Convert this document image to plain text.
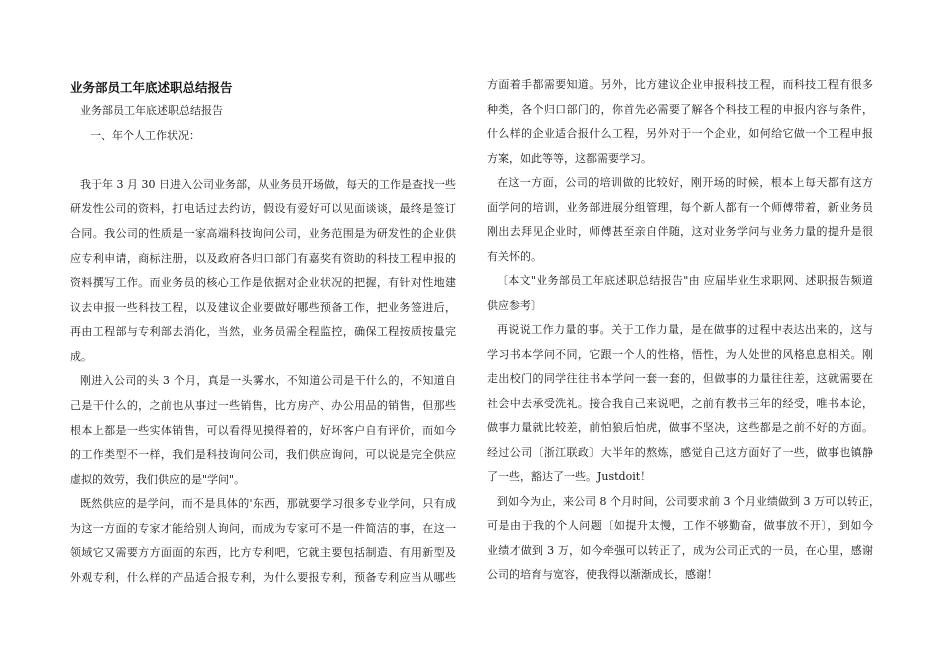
业务部员工年底述职总结报告
业务部员工年底述职总结报告
一、年个人工作状况：
我于年 3 月 30 日进入公司业务部，从业务员开场做，每天的工作是查找一些
研发性公司的资料，打电话过去约访，假设有爱好可以见面谈谈，最终是签订
合同。我公司的性质是一家高端科技询问公司，业务范围是为研发性的企业供
应专利申请，商标注册，以及政府各归口部门有嘉奖有资助的科技工程申报的
资料撰写工作。而业务员的核心工作是依据对企业状况的把握，有针对性地建
议去申报一些科技工程，以及建议企业要做好哪些预备工作，把业务签进后，
再由工程部与专利部去消化，当然，业务员需全程监控，确保工程按质按量完
成。
刚进入公司的头 3 个月，真是一头雾水，不知道公司是干什么的，不知道自
己是干什么的，之前也从事过一些销售，比方房产、办公用品的销售，但那些
根本上都是一些实体销售，可以看得见摸得着的，好坏客户自有评价，而如今
的工作类型不一样，我们是科技询问公司，我们供应询问，可以说是完全供应
虚拟的效劳，我们供应的是"学问"。
既然供应的是学问，而不是具体的'东西，那就要学习很多专业学问，只有成
为这一方面的专家才能给别人询问，而成为专家可不是一件简洁的事，在这一
领域它又需要方方面面的东西，比方专利吧，它就主要包括制造、有用新型及
外观专利，什么样的产品适合报专利，为什么要报专利，预备专利应当从哪些
方面着手都需要知道。另外，比方建议企业申报科技工程，而科技工程有很多
种类，各个归口部门的，你首先必需要了解各个科技工程的申报内容与条件，
什么样的企业适合报什么工程，另外对于一个企业，如何给它做一个工程申报
方案，如此等等，这都需要学习。
在这一方面，公司的培训做的比较好，刚开场的时候，根本上每天都有这方
面学问的培训，业务部进展分组管理，每个新人都有一个师傅带着，新业务员
刚出去拜见企业时，师傅甚至亲自伴随，这对业务学问与业务力量的提升是很
有关怀的。
〔本文"业务部员工年底述职总结报告"由 应届毕业生求职网、述职报告频道
供应参考〕
再说说工作力量的事。关于工作力量，是在做事的过程中表达出来的，这与
学习书本学问不同，它跟一个人的性格，悟性，为人处世的风格息息相关。刚
走出校门的同学往往书本学问一套一套的，但做事的力量往往差，这就需要在
社会中去承受洗礼。接合我自己来说吧，之前有教书三年的经受，唯书本论，
做事力量就比较差，前怕狼后怕虎，做事不坚决，这些都是之前不好的方面。
经过公司〔浙江联政〕大半年的熬炼，感觉自己这方面好了一些，做事也镇静
了一些，豁达了一些。Justdoit！
到如今为止，来公司 8 个月时间，公司要求前 3 个月业绩做到 3 万可以转正，
可是由于我的个人问题〔如提升太慢，工作不够勤奋，做事放不开〕，到如今
业绩才做到 3 万，如今牵强可以转正了，成为公司正式的一员，在心里，感谢
公司的培育与宽容，使我得以渐渐成长，感谢！
